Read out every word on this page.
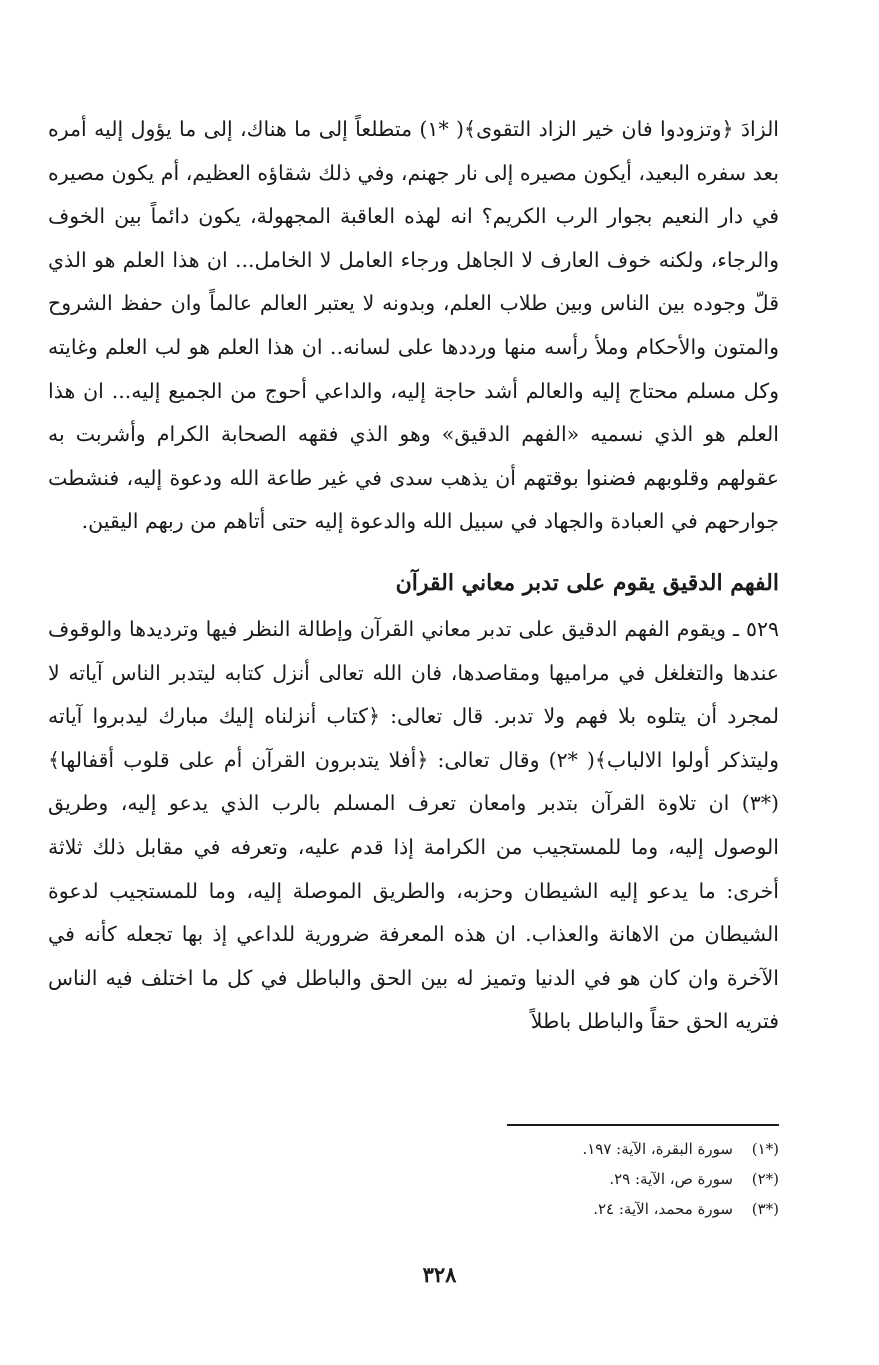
الزادَ ﴿وتزودوا فان خير الزاد التقوى﴾( *١) متطلعاً إلى ما هناك، إلى ما يؤول إليه أمره بعد سفره البعيد، أيكون مصيره إلى نار جهنم، وفي ذلك شقاؤه العظيم، أم يكون مصيره في دار النعيم بجوار الرب الكريم؟ انه لهذه العاقبة المجهولة، يكون دائماً بين الخوف والرجاء، ولكنه خوف العارف لا الجاهل ورجاء العامل لا الخامل... ان هذا العلم هو الذي قلّ وجوده بين الناس وبين طلاب العلم، وبدونه لا يعتبر العالم عالماً وان حفظ الشروح والمتون والأحكام وملأ رأسه منها ورددها على لسانه.. ان هذا العلم هو لب العلم وغايته وكل مسلم محتاج إليه والعالم أشد حاجة إليه، والداعي أحوج من الجميع إليه... ان هذا العلم هو الذي نسميه «الفهم الدقيق» وهو الذي فقهه الصحابة الكرام وأشربت به عقولهم وقلوبهم فضنوا بوقتهم أن يذهب سدى في غير طاعة الله ودعوة إليه، فنشطت جوارحهم في العبادة والجهاد في سبيل الله والدعوة إليه حتى أتاهم من ربهم اليقين.

الفهم الدقيق يقوم على تدبر معاني القرآن

٥٢٩ ـ ويقوم الفهم الدقيق على تدبر معاني القرآن وإطالة النظر فيها وترديدها والوقوف عندها والتغلغل في مراميها ومقاصدها، فان الله تعالى أنزل كتابه ليتدبر الناس آياته لا لمجرد أن يتلوه بلا فهم ولا تدبر. قال تعالى: ﴿كتاب أنزلناه إليك مبارك ليدبروا آياته وليتذكر أولوا الالباب﴾( *٢) وقال تعالى: ﴿أفلا يتدبرون القرآن أم على قلوب أقفالها﴾(*٣) ان تلاوة القرآن بتدبر وامعان تعرف المسلم بالرب الذي يدعو إليه، وطريق الوصول إليه، وما للمستجيب من الكرامة إذا قدم عليه، وتعرفه في مقابل ذلك ثلاثة أخرى: ما يدعو إليه الشيطان وحزبه، والطريق الموصلة إليه، وما للمستجيب لدعوة الشيطان من الاهانة والعذاب. ان هذه المعرفة ضرورية للداعي إذ بها تجعله كأنه في الآخرة وان كان هو في الدنيا وتميز له بين الحق والباطل في كل ما اختلف فيه الناس فتريه الحق حقاً والباطل باطلاً

(*١) سورة البقرة، الآية: ١٩٧.
(*٢) سورة ص، الآية: ٢٩.
(*٣) سورة محمد، الآية: ٢٤.
٣٢٨
